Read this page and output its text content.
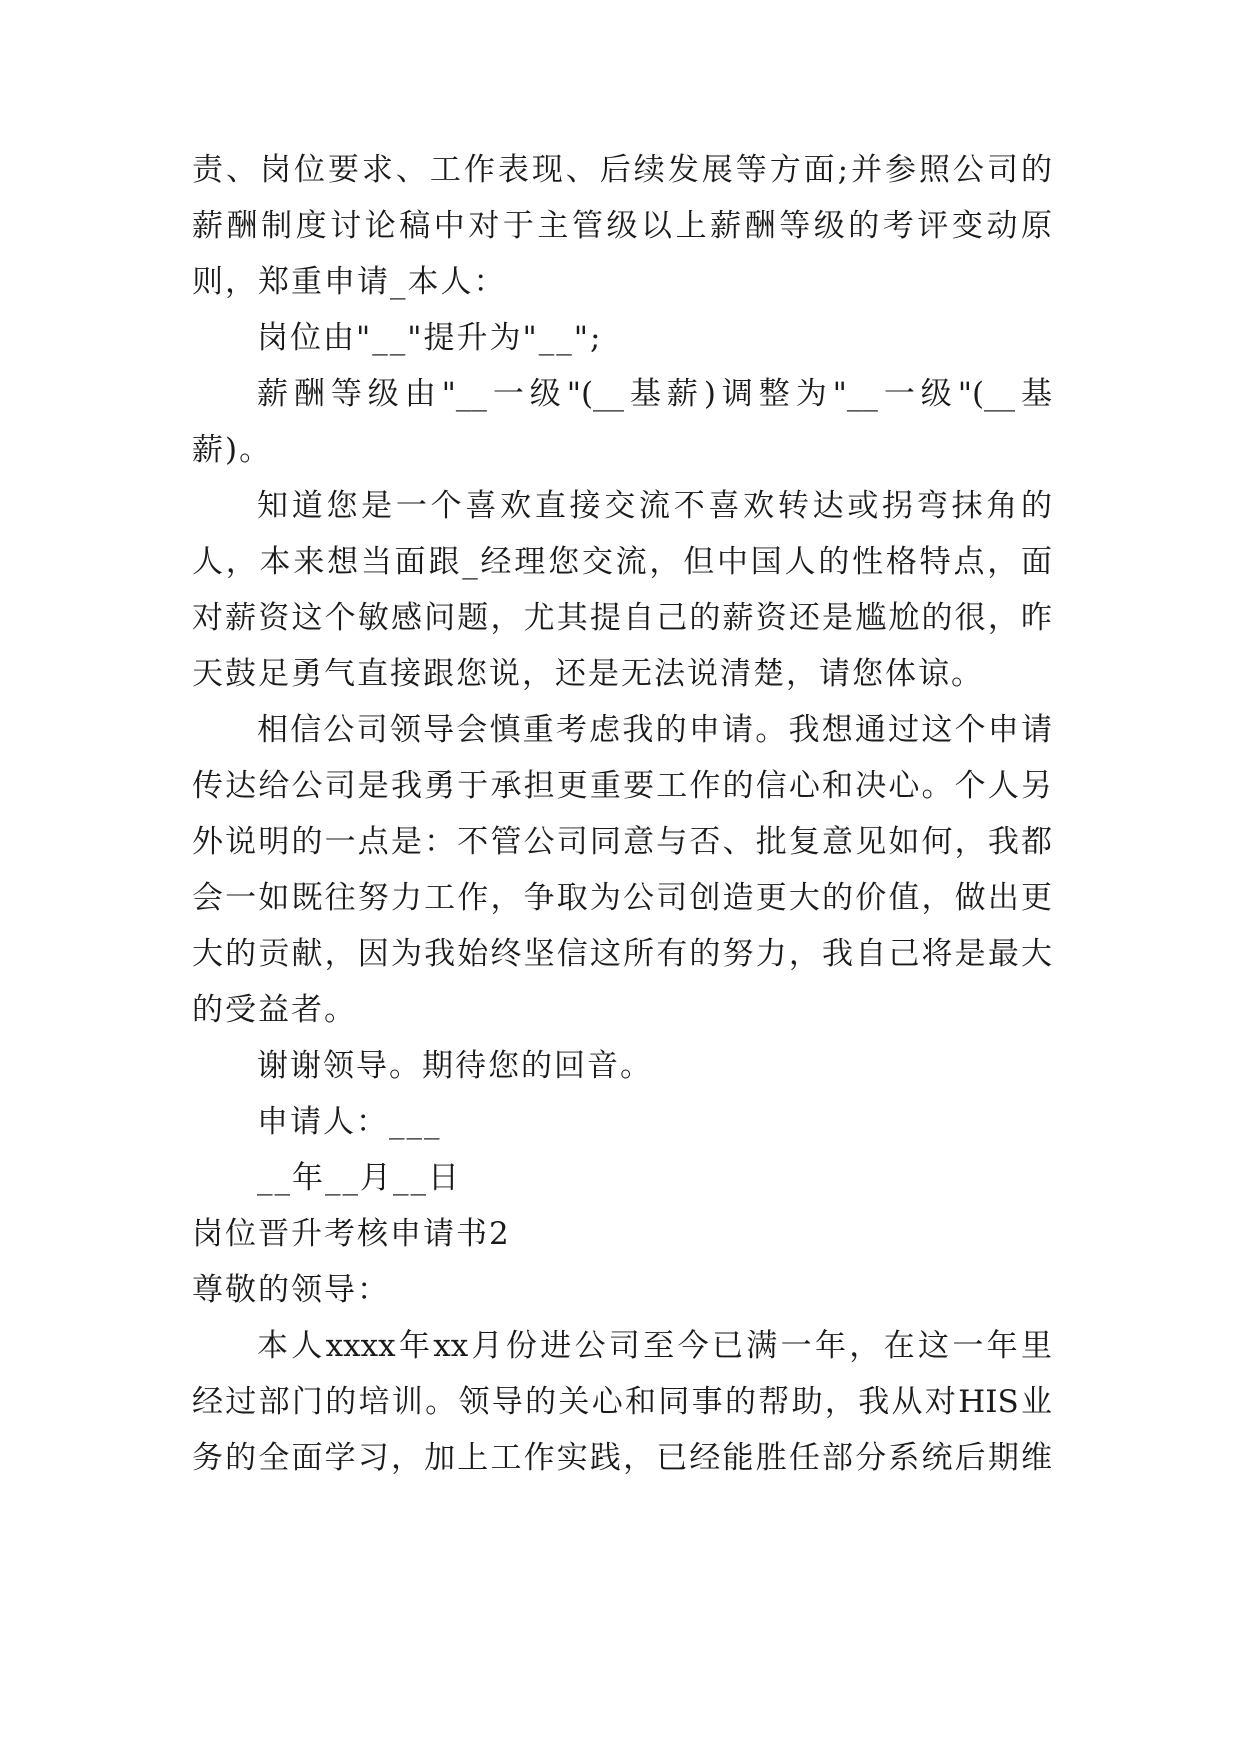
责、岗位要求、工作表现、后续发展等方面;并参照公司的
薪酬制度讨论稿中对于主管级以上薪酬等级的考评变动原
则，郑重申请_本人：
岗位由"__"提升为"__";
薪酬等级由"__一级"(__基薪)调整为"__一级"(__基
薪)。
知道您是一个喜欢直接交流不喜欢转达或拐弯抹角的
人，本来想当面跟_经理您交流，但中国人的性格特点，面
对薪资这个敏感问题，尤其提自己的薪资还是尴尬的很，昨
天鼓足勇气直接跟您说，还是无法说清楚，请您体谅。
相信公司领导会慎重考虑我的申请。我想通过这个申请
传达给公司是我勇于承担更重要工作的信心和决心。个人另
外说明的一点是：不管公司同意与否、批复意见如何，我都
会一如既往努力工作，争取为公司创造更大的价值，做出更
大的贡献，因为我始终坚信这所有的努力，我自己将是最大
的受益者。
谢谢领导。期待您的回音。
申请人：___
__年__月__日
岗位晋升考核申请书2
尊敬的领导：
本人xxxx年xx月份进公司至今已满一年，在这一年里
经过部门的培训。领导的关心和同事的帮助，我从对HIS业
务的全面学习，加上工作实践，已经能胜任部分系统后期维
